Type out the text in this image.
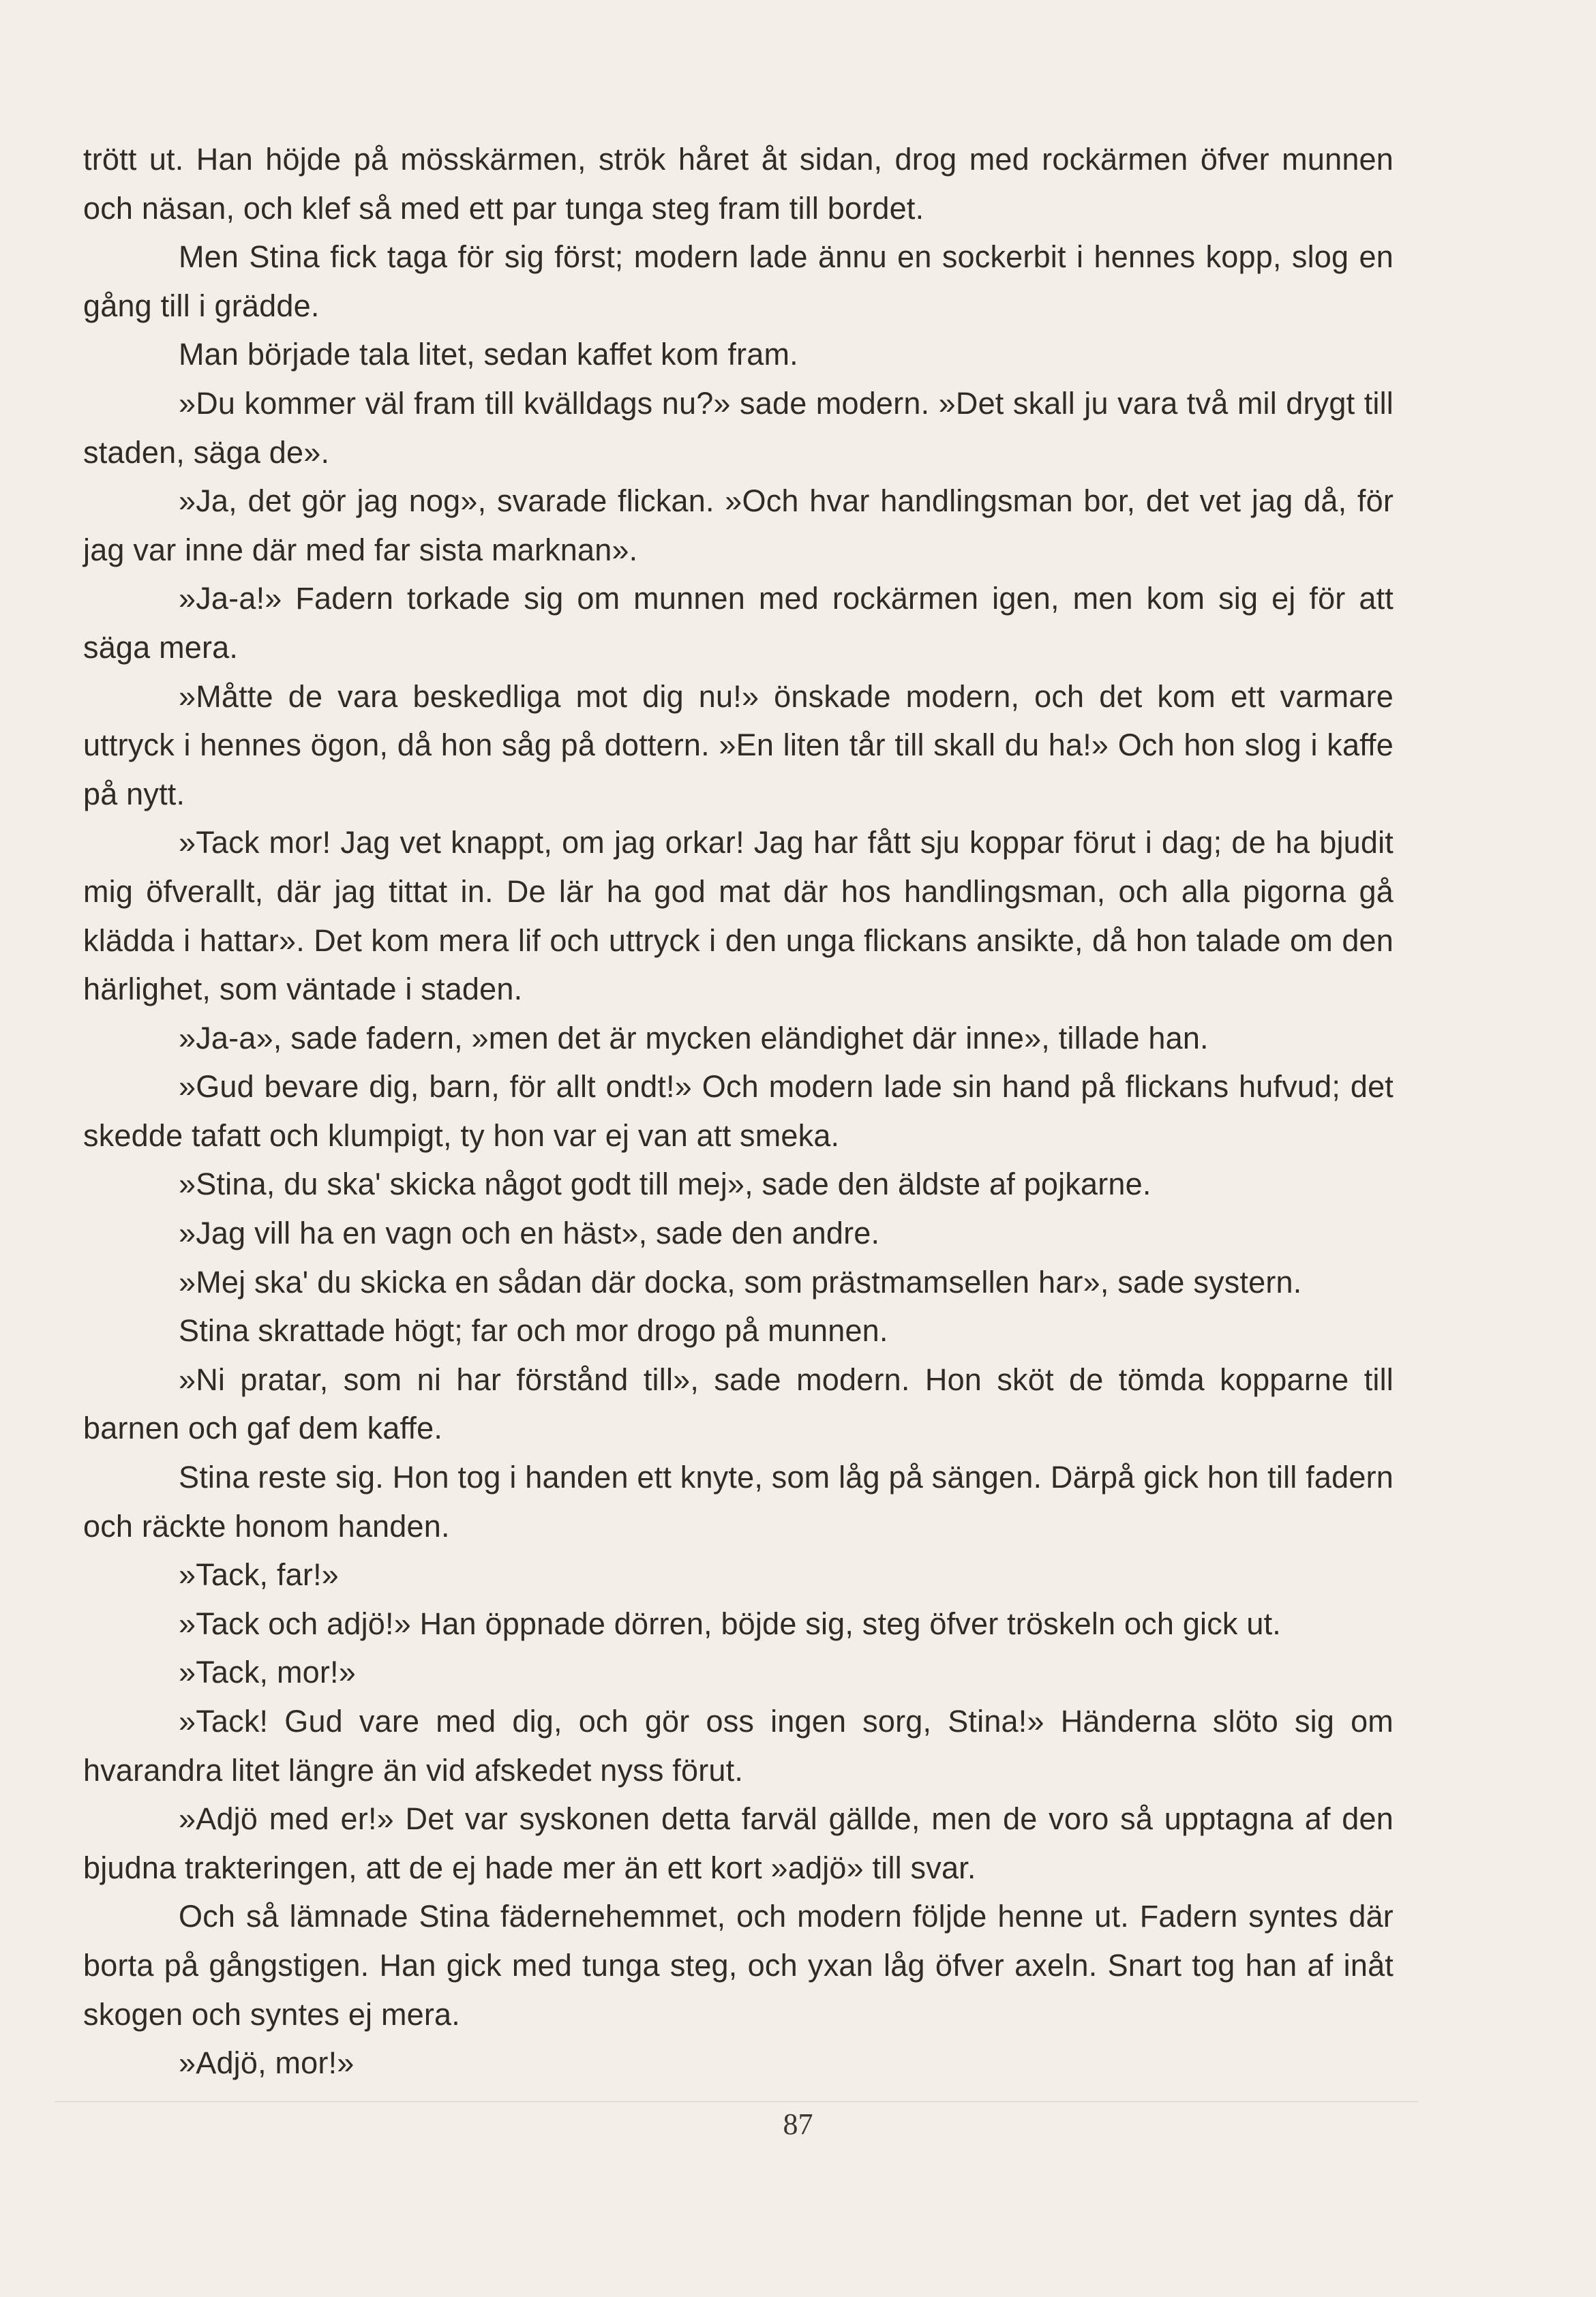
trött ut. Han höjde på mösskärmen, strök håret åt sidan, drog med rockärmen öfver munnen och näsan, och klef så med ett par tunga steg fram till bordet.

Men Stina fick taga för sig först; modern lade ännu en sockerbit i hennes kopp, slog en gång till i grädde.

Man började tala litet, sedan kaffet kom fram.

»Du kommer väl fram till kvälldags nu?» sade modern. »Det skall ju vara två mil drygt till staden, säga de».

»Ja, det gör jag nog», svarade flickan. »Och hvar handlingsman bor, det vet jag då, för jag var inne där med far sista marknan».

»Ja-a!» Fadern torkade sig om munnen med rockärmen igen, men kom sig ej för att säga mera.

»Måtte de vara beskedliga mot dig nu!» önskade modern, och det kom ett varmare uttryck i hennes ögon, då hon såg på dottern. »En liten tår till skall du ha!» Och hon slog i kaffe på nytt.

»Tack mor! Jag vet knappt, om jag orkar! Jag har fått sju koppar förut i dag; de ha bjudit mig öfverallt, där jag tittat in. De lär ha god mat där hos handlingsman, och alla pigorna gå klädda i hattar». Det kom mera lif och uttryck i den unga flickans ansikte, då hon talade om den härlighet, som väntade i staden.

»Ja-a», sade fadern, »men det är mycken eländighet där inne», tillade han.

»Gud bevare dig, barn, för allt ondt!» Och modern lade sin hand på flickans hufvud; det skedde tafatt och klumpigt, ty hon var ej van att smeka.

»Stina, du ska' skicka något godt till mej», sade den äldste af pojkarne.

»Jag vill ha en vagn och en häst», sade den andre.

»Mej ska' du skicka en sådan där docka, som prästmamsellen har», sade systern.

Stina skrattade högt; far och mor drogo på munnen.

»Ni pratar, som ni har förstånd till», sade modern. Hon sköt de tömda kopparne till barnen och gaf dem kaffe.

Stina reste sig. Hon tog i handen ett knyte, som låg på sängen. Därpå gick hon till fadern och räckte honom handen.

»Tack, far!»

»Tack och adjö!» Han öppnade dörren, böjde sig, steg öfver tröskeln och gick ut.

»Tack, mor!»

»Tack! Gud vare med dig, och gör oss ingen sorg, Stina!» Händerna slöto sig om hvarandra litet längre än vid afskedet nyss förut.

»Adjö med er!» Det var syskonen detta farväl gällde, men de voro så upptagna af den bjudna trakteringen, att de ej hade mer än ett kort »adjö» till svar.

Och så lämnade Stina fädernehemmet, och modern följde henne ut. Fadern syntes där borta på gångstigen. Han gick med tunga steg, och yxan låg öfver axeln. Snart tog han af inåt skogen och syntes ej mera.

»Adjö, mor!»

87
